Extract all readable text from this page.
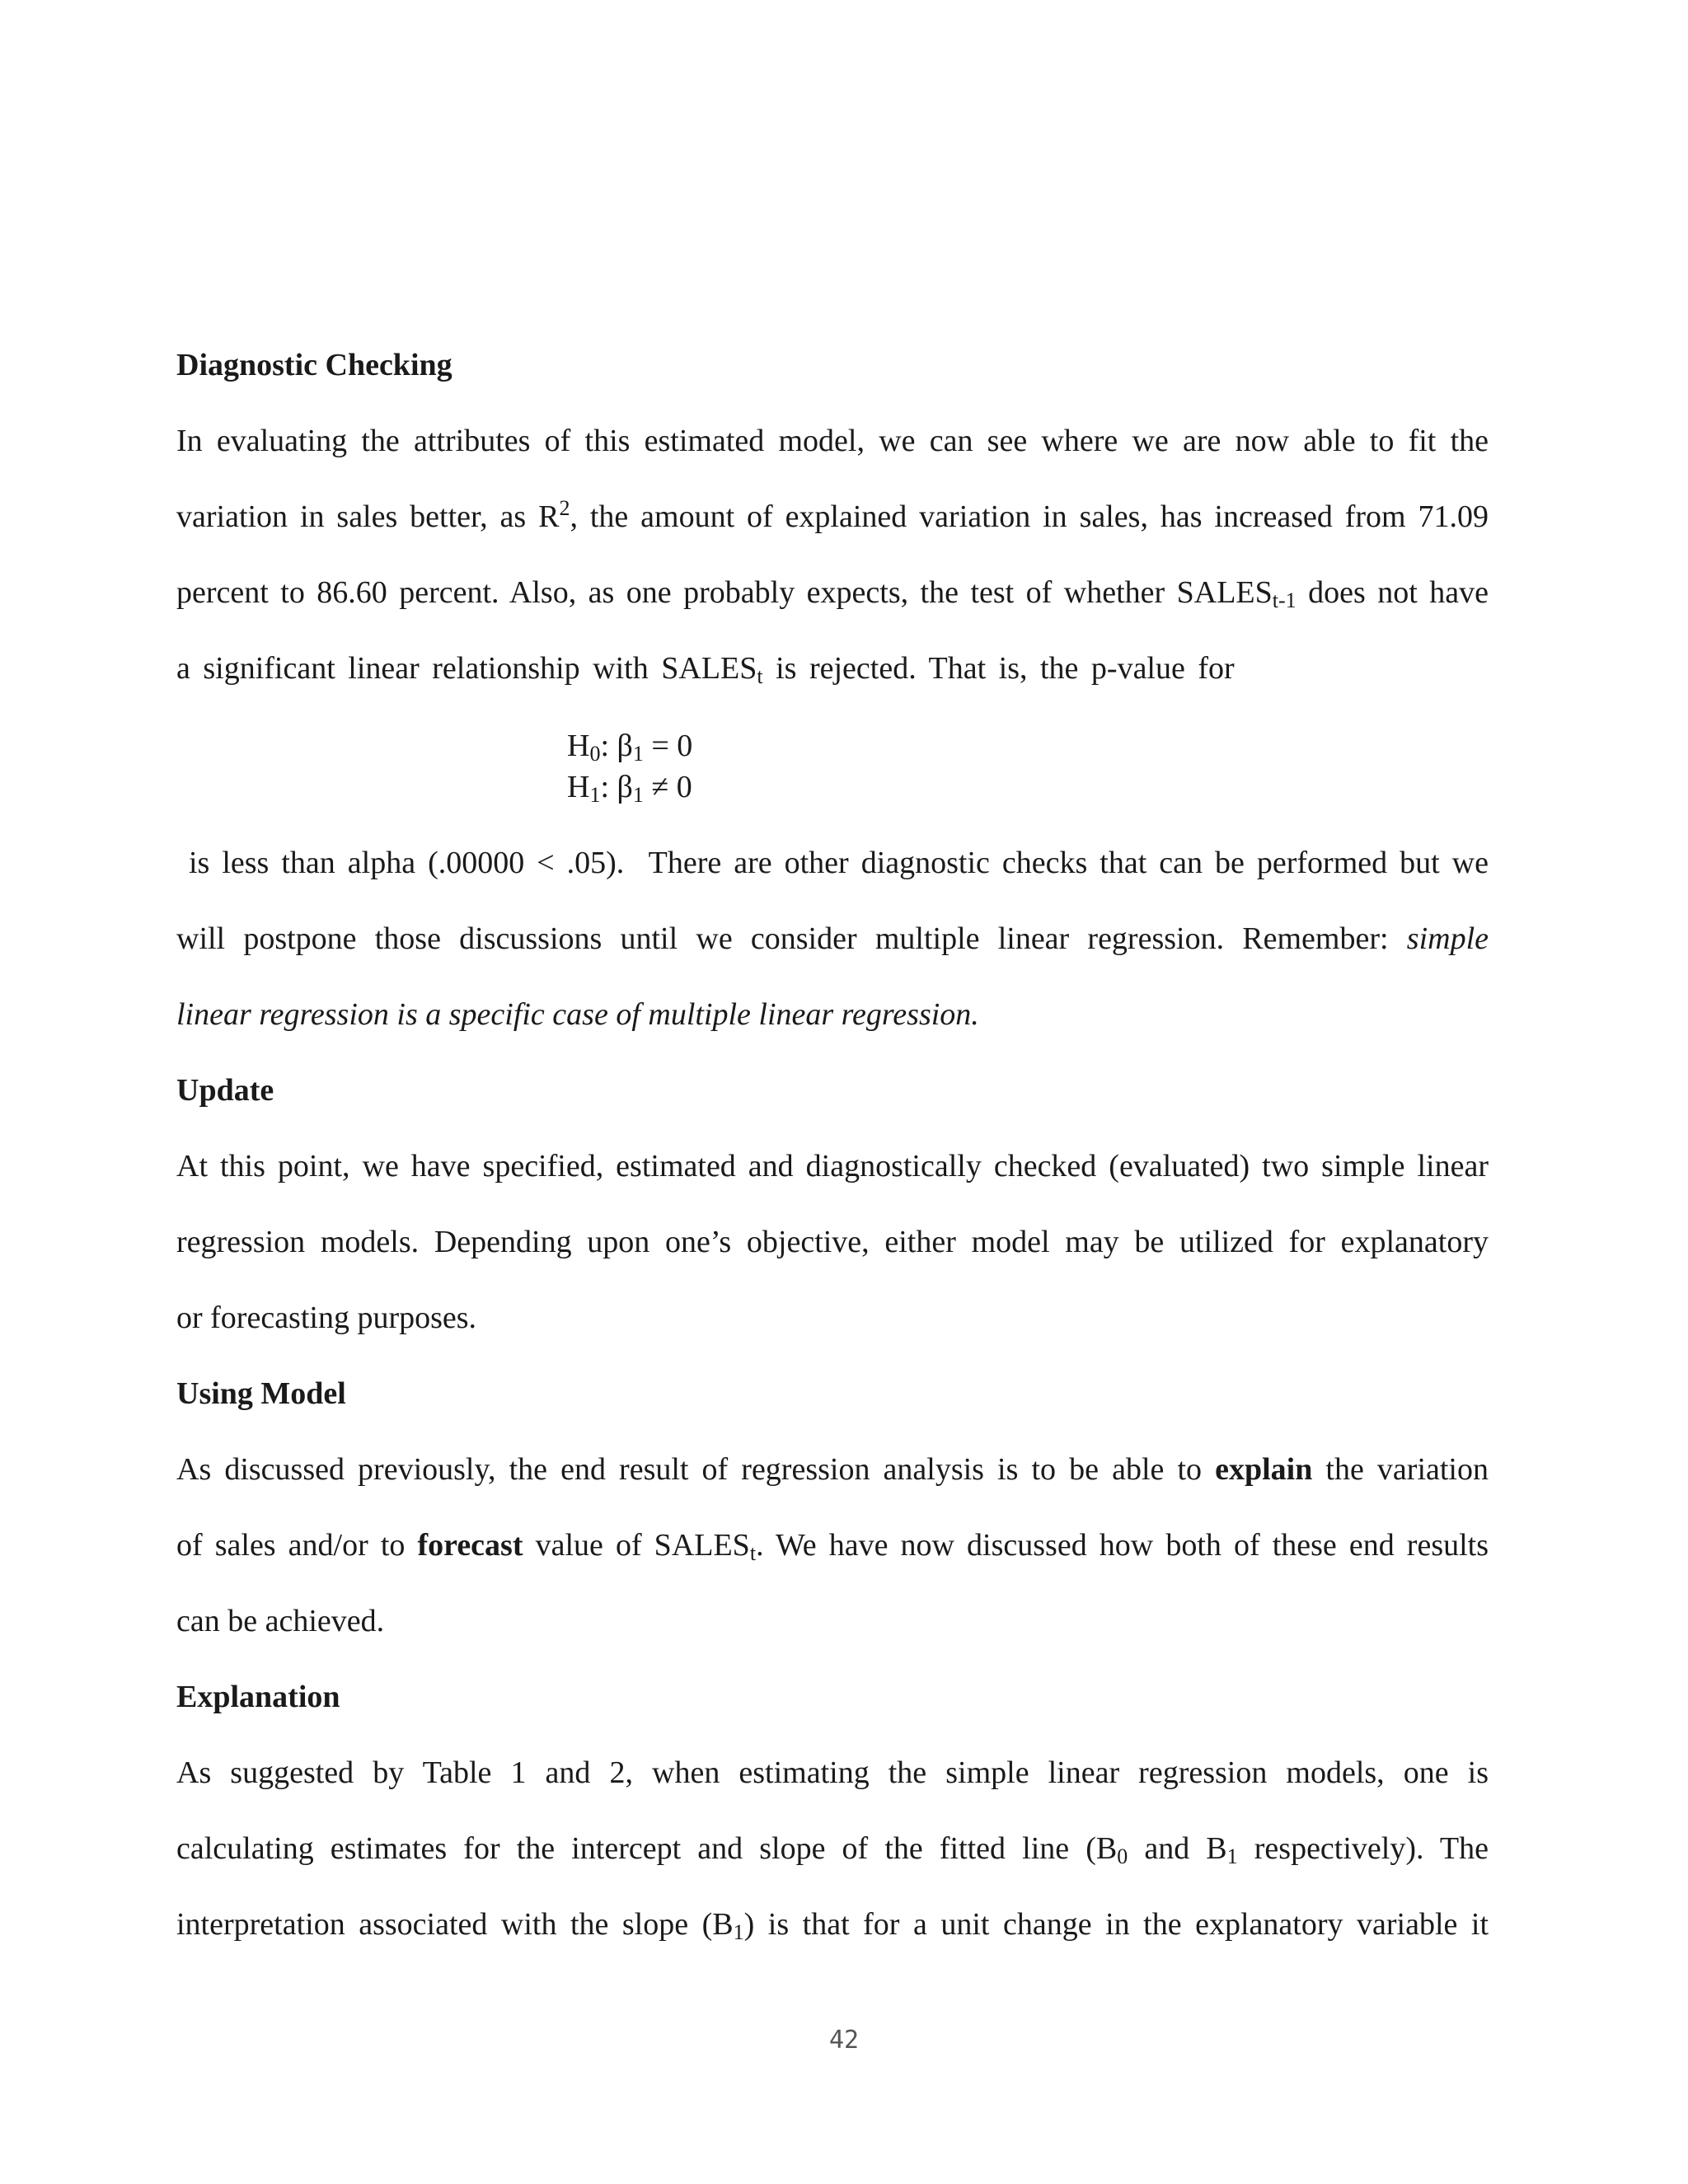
Diagnostic Checking
In evaluating the attributes of this estimated model, we can see where we are now able to fit the
variation in sales better, as $R^2$, the amount of explained variation in sales, has increased from 71.09
percent to 86.60 percent. Also, as one probably expects, the test of whether $SALES_{t-1}$ does not have
a significant linear relationship with $SALES_t$ is rejected. That is, the p-value for
$H_0$: $\beta_1 = 0$
$H_1$: $\beta_1 \ne 0$
is less than alpha (.00000 < .05).  There are other diagnostic checks that can be performed but we
will postpone those discussions until we consider multiple linear regression. Remember: simple
linear regression is a specific case of multiple linear regression.
Update
At this point, we have specified, estimated and diagnostically checked (evaluated) two simple linear
regression models. Depending upon one’s objective, either model may be utilized for explanatory
or forecasting purposes.
Using Model
As discussed previously, the end result of regression analysis is to be able to explain the variation
of sales and/or to forecast value of $SALES_t$. We have now discussed how both of these end results
can be achieved.
Explanation
As suggested by Table 1 and 2, when estimating the simple linear regression models, one is
calculating estimates for the intercept and slope of the fitted line ($B_0$ and $B_1$ respectively). The
interpretation associated with the slope $(B_1)$ is that for a unit change in the explanatory variable it
42
